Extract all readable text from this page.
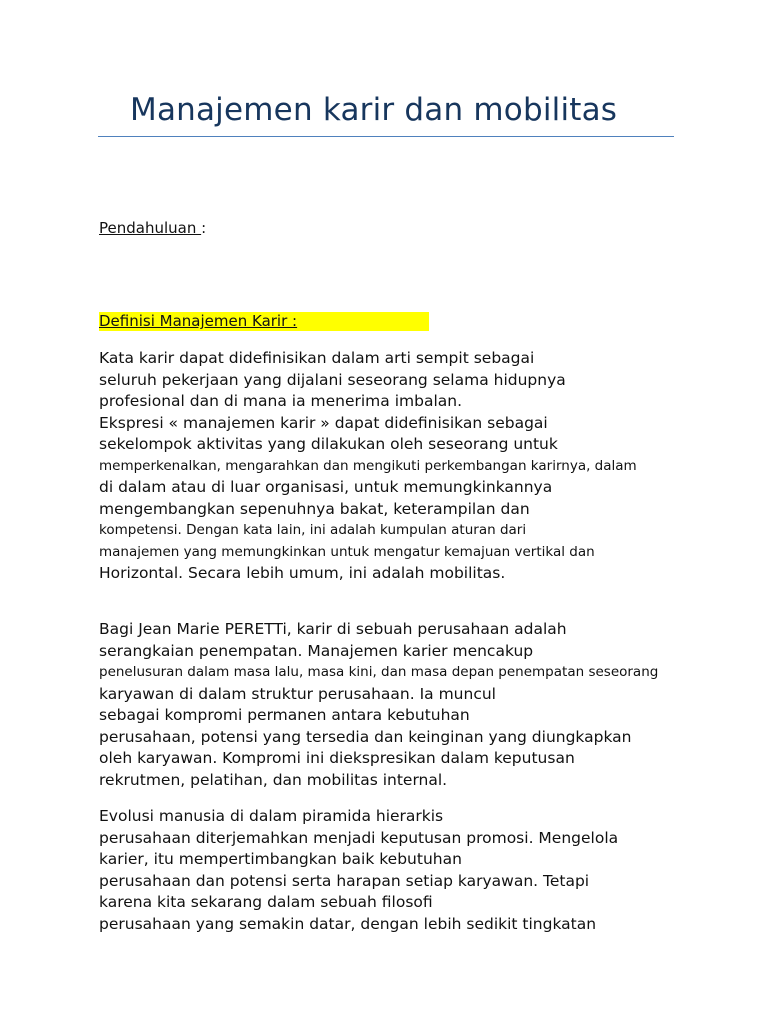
Manajemen karir dan mobilitas
Pendahuluan :
Definisi Manajemen Karir :
Kata karir dapat didefinisikan dalam arti sempit sebagai
seluruh pekerjaan yang dijalani seseorang selama hidupnya
profesional dan di mana ia menerima imbalan.
Ekspresi « manajemen karir » dapat didefinisikan sebagai
sekelompok aktivitas yang dilakukan oleh seseorang untuk
memperkenalkan, mengarahkan dan mengikuti perkembangan karirnya, dalam
di dalam atau di luar organisasi, untuk memungkinkannya
mengembangkan sepenuhnya bakat, keterampilan dan
kompetensi. Dengan kata lain, ini adalah kumpulan aturan dari
manajemen yang memungkinkan untuk mengatur kemajuan vertikal dan
Horizontal. Secara lebih umum, ini adalah mobilitas.
Bagi Jean Marie PERETTi, karir di sebuah perusahaan adalah
serangkaian penempatan. Manajemen karier mencakup
penelusuran dalam masa lalu, masa kini, dan masa depan penempatan seseorang
karyawan di dalam struktur perusahaan. Ia muncul
sebagai kompromi permanen antara kebutuhan
perusahaan, potensi yang tersedia dan keinginan yang diungkapkan
oleh karyawan. Kompromi ini diekspresikan dalam keputusan
rekrutmen, pelatihan, dan mobilitas internal.
Evolusi manusia di dalam piramida hierarkis
perusahaan diterjemahkan menjadi keputusan promosi. Mengelola
karier, itu mempertimbangkan baik kebutuhan
perusahaan dan potensi serta harapan setiap karyawan. Tetapi
karena kita sekarang dalam sebuah filosofi
perusahaan yang semakin datar, dengan lebih sedikit tingkatan
